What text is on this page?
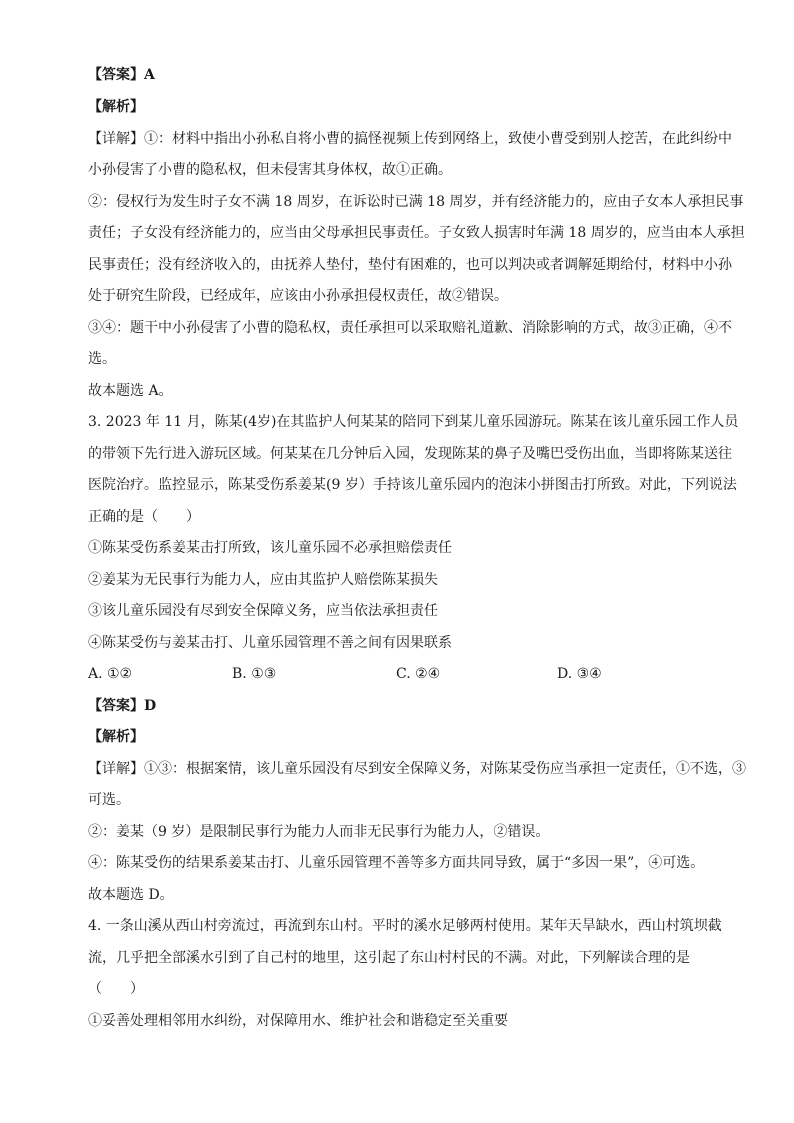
【答案】A
【解析】
【详解】①：材料中指出小孙私自将小曹的搞怪视频上传到网络上，致使小曹受到别人挖苦，在此纠纷中
小孙侵害了小曹的隐私权，但未侵害其身体权，故①正确。
②：侵权行为发生时子女不满 18 周岁，在诉讼时已满 18 周岁，并有经济能力的，应由子女本人承担民事
责任；子女没有经济能力的，应当由父母承担民事责任。子女致人损害时年满 18 周岁的，应当由本人承担
民事责任；没有经济收入的，由抚养人垫付，垫付有困难的，也可以判决或者调解延期给付，材料中小孙
处于研究生阶段，已经成年，应该由小孙承担侵权责任，故②错误。
③④：题干中小孙侵害了小曹的隐私权，责任承担可以采取赔礼道歉、消除影响的方式，故③正确，④不
选。
故本题选 A。
3. 2023 年 11 月，陈某(4岁)在其监护人何某某的陪同下到某儿童乐园游玩。陈某在该儿童乐园工作人员
的带领下先行进入游玩区域。何某某在几分钟后入园，发现陈某的鼻子及嘴巴受伤出血，当即将陈某送往
医院治疗。监控显示，陈某受伤系姜某(9 岁）手持该儿童乐园内的泡沫小拼图击打所致。对此，下列说法
正确的是（　　）
①陈某受伤系姜某击打所致，该儿童乐园不必承担赔偿责任
②姜某为无民事行为能力人，应由其监护人赔偿陈某损失
③该儿童乐园没有尽到安全保障义务，应当依法承担责任
④陈某受伤与姜某击打、儿童乐园管理不善之间有因果联系
A. ①②	B. ①③	C. ②④	D. ③④
【答案】D
【解析】
【详解】①③：根据案情，该儿童乐园没有尽到安全保障义务，对陈某受伤应当承担一定责任，①不选，③
可选。
②：姜某（9 岁）是限制民事行为能力人而非无民事行为能力人，②错误。
④：陈某受伤的结果系姜某击打、儿童乐园管理不善等多方面共同导致，属于“多因一果”，④可选。
故本题选 D。
4. 一条山溪从西山村旁流过，再流到东山村。平时的溪水足够两村使用。某年天旱缺水，西山村筑坝截
流，几乎把全部溪水引到了自己村的地里，这引起了东山村村民的不满。对此，下列解读合理的是
（　　）
①妥善处理相邻用水纠纷，对保障用水、维护社会和谐稳定至关重要
